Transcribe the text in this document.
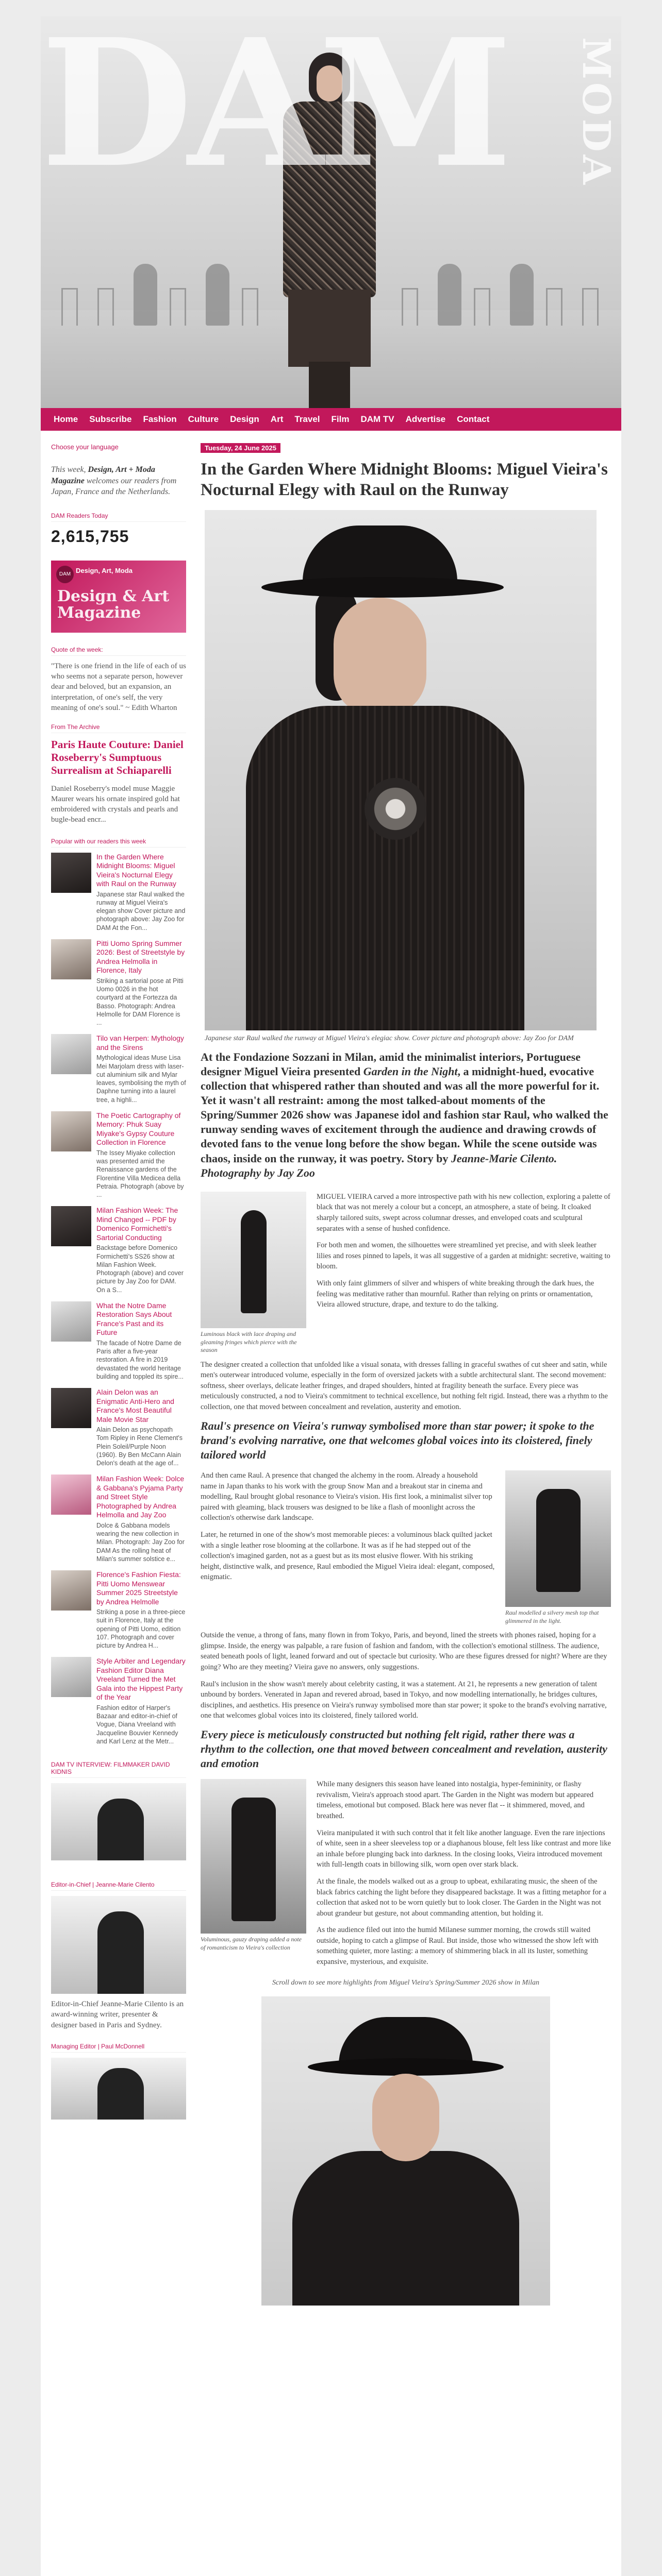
DAM	MODA
Home	Subscribe	Fashion	Culture	Design	Art	Travel	Film	DAM TV	Advertise	Contact
Choose your language
This week, Design, Art + Moda Magazine welcomes our readers from Japan, France and the Netherlands.
DAM Readers Today
2,615,755
DAM Design, Art, Moda
Design & Art Magazine
Quote of the week:
"There is one friend in the life of each of us who seems not a separate person, however dear and beloved, but an expansion, an interpretation, of one's self, the very meaning of one's soul." ~ Edith Wharton
From The Archive
Paris Haute Couture: Daniel Roseberry's Sumptuous Surrealism at Schiaparelli
Daniel Roseberry's model muse Maggie Maurer wears his ornate inspired gold hat embroidered with crystals and pearls and bugle-bead encr...
Popular with our readers this week
In the Garden Where Midnight Blooms: Miguel Vieira's Nocturnal Elegy with Raul on the Runway
Japanese star Raul walked the runway at Miguel Vieira's elegan show Cover picture and photograph above: Jay Zoo for DAM At the Fon...
Pitti Uomo Spring Summer 2026: Best of Streetstyle by Andrea Helmolla in Florence, Italy
Striking a sartorial pose at Pitti Uomo 0026 in the hot courtyard at the Fortezza da Basso. Photograph: Andrea Helmolle for DAM Florence is ...
Tilo van Herpen: Mythology and the Sirens
Mythological ideas Muse Lisa Mei Marjolam dress with laser-cut aluminium silk and Mylar leaves, symbolising the myth of Daphne turning into a laurel tree, a highli...
The Poetic Cartography of Memory: Phuk Suay Miyake's Gypsy Couture Collection in Florence
The Issey Miyake collection was presented amid the Renaissance gardens of the Florentine Villa Medicea della Petraia. Photograph (above by ...
Milan Fashion Week: The Mind Changed -- PDF by Domenico Formichetti's Sartorial Conducting
Backstage before Domenico Formichetti's SS26 show at Milan Fashion Week. Photograph (above) and cover picture by Jay Zoo for DAM. On a S...
What the Notre Dame Restoration Says About France's Past and its Future
The facade of Notre Dame de Paris after a five-year restoration. A fire in 2019 devastated the world heritage building and toppled its spire...
Alain Delon was an Enigmatic Anti-Hero and France's Most Beautiful Male Movie Star
Alain Delon as psychopath Tom Ripley in Rene Clement's Plein Soleil/Purple Noon (1960). By Ben McCann Alain Delon's death at the age of...
Milan Fashion Week: Dolce & Gabbana's Pyjama Party and Street Style Photographed by Andrea Helmolla and Jay Zoo
Dolce & Gabbana models wearing the new collection in Milan. Photograph: Jay Zoo for DAM As the rolling heat of Milan's summer solstice e...
Florence's Fashion Fiesta: Pitti Uomo Menswear Summer 2025 Streetstyle by Andrea Helmolle
Striking a pose in a three-piece suit in Florence, Italy at the opening of Pitti Uomo, edition 107. Photograph and cover picture by Andrea H...
Style Arbiter and Legendary Fashion Editor Diana Vreeland Turned the Met Gala into the Hippest Party of the Year
Fashion editor of Harper's Bazaar and editor-in-chief of Vogue, Diana Vreeland with Jacqueline Bouvier Kennedy and Karl Lenz at the Metr...
DAM TV INTERVIEW: FILMMAKER DAVID KIDNIS
Editor-in-Chief | Jeanne-Marie Cilento
Editor-in-Chief Jeanne-Marie Cilento is an award-winning writer, presenter & designer based in Paris and Sydney.
Managing Editor | Paul McDonnell
Tuesday, 24 June 2025
In the Garden Where Midnight Blooms: Miguel Vieira's Nocturnal Elegy with Raul on the Runway
Japanese star Raul walked the runway at Miguel Vieira's elegiac show. Cover picture and photograph above: Jay Zoo for DAM
At the Fondazione Sozzani in Milan, amid the minimalist interiors, Portuguese designer Miguel Vieira presented Garden in the Night, a midnight-hued, evocative collection that whispered rather than shouted and was all the more powerful for it. Yet it wasn't all restraint: among the most talked-about moments of the Spring/Summer 2026 show was Japanese idol and fashion star Raul, who walked the runway sending waves of excitement through the audience and drawing crowds of devoted fans to the venue long before the show began. While the scene outside was chaos, inside on the runway, it was poetry. Story by Jeanne-Marie Cilento. Photography by Jay Zoo
Luminous black with lace draping and gleaming fringes which pierce with the season

MIGUEL VIEIRA carved a more introspective path with his new collection, exploring a palette of black that was not merely a colour but a concept, an atmosphere, a state of being. It cloaked sharply tailored suits, swept across columnar dresses, and enveloped coats and sculptural separates with a sense of hushed confidence.

For both men and women, the silhouettes were streamlined yet precise, and with sleek leather lilies and roses pinned to lapels, it was all suggestive of a garden at midnight: secretive, waiting to bloom.

With only faint glimmers of silver and whispers of white breaking through the dark hues, the feeling was meditative rather than mournful. Rather than relying on prints or ornamentation, Vieira allowed structure, drape, and texture to do the talking.

The designer created a collection that unfolded like a visual sonata, with dresses falling in graceful swathes of cut sheer and satin, while men's outerwear introduced volume, especially in the form of oversized jackets with a subtle architectural slant. The second movement: softness, sheer overlays, delicate leather fringes, and draped shoulders, hinted at fragility beneath the surface. Every piece was meticulously constructed, a nod to Vieira's commitment to technical excellence, but nothing felt rigid. Instead, there was a rhythm to the collection, one that moved between concealment and revelation, austerity and emotion.

Raul's presence on Vieira's runway symbolised more than star power; it spoke to the brand's evolving narrative, one that welcomes global voices into its cloistered, finely tailored world
Raul modelled a silvery mesh top that glimmered in the light.

And then came Raul. A presence that changed the alchemy in the room. Already a household name in Japan thanks to his work with the group Snow Man and a breakout star in cinema and modelling, Raul brought global resonance to Vieira's vision. His first look, a minimalist silver top paired with gleaming, black trousers was designed to be like a flash of moonlight across the collection's otherwise dark landscape.

Later, he returned in one of the show's most memorable pieces: a voluminous black quilted jacket with a single leather rose blooming at the collarbone. It was as if he had stepped out of the collection's imagined garden, not as a guest but as its most elusive flower. With his striking height, distinctive walk, and presence, Raul embodied the Miguel Vieira ideal: elegant, composed, enigmatic.

Outside the venue, a throng of fans, many flown in from Tokyo, Paris, and beyond, lined the streets with phones raised, hoping for a glimpse. Inside, the energy was palpable, a rare fusion of fashion and fandom, with the collection's emotional stillness. The audience, seated beneath pools of light, leaned forward and out of spectacle but curiosity. Who are these figures dressed for night? Where are they going? Who are they meeting? Vieira gave no answers, only suggestions.

Raul's inclusion in the show wasn't merely about celebrity casting, it was a statement. At 21, he represents a new generation of talent unbound by borders. Venerated in Japan and revered abroad, based in Tokyo, and now modelling internationally, he bridges cultures, disciplines, and aesthetics. His presence on Vieira's runway symbolised more than star power; it spoke to the brand's evolving narrative, one that welcomes global voices into its cloistered, finely tailored world.

Every piece is meticulously constructed but nothing felt rigid, rather there was a rhythm to the collection, one that moved between concealment and revelation, austerity and emotion
Voluminous, gauzy draping added a note of romanticism to Vieira's collection

While many designers this season have leaned into nostalgia, hyper-femininity, or flashy revivalism, Vieira's approach stood apart. The Garden in the Night was modern but appeared timeless, emotional but composed. Black here was never flat -- it shimmered, moved, and breathed.

Vieira manipulated it with such control that it felt like another language. Even the rare injections of white, seen in a sheer sleeveless top or a diaphanous blouse, felt less like contrast and more like an inhale before plunging back into darkness. In the closing looks, Vieira introduced movement with full-length coats in billowing silk, worn open over stark black.

At the finale, the models walked out as a group to upbeat, exhilarating music, the sheen of the black fabrics catching the light before they disappeared backstage. It was a fitting metaphor for a collection that asked not to be worn quietly but to look closer. The Garden in the Night was not about grandeur but gesture, not about commanding attention, but holding it.

As the audience filed out into the humid Milanese summer morning, the crowds still waited outside, hoping to catch a glimpse of Raul. But inside, those who witnessed the show left with something quieter, more lasting: a memory of shimmering black in all its luster, something expansive, mysterious, and exquisite.

Scroll down to see more highlights from Miguel Vieira's Spring/Summer 2026 show in Milan
